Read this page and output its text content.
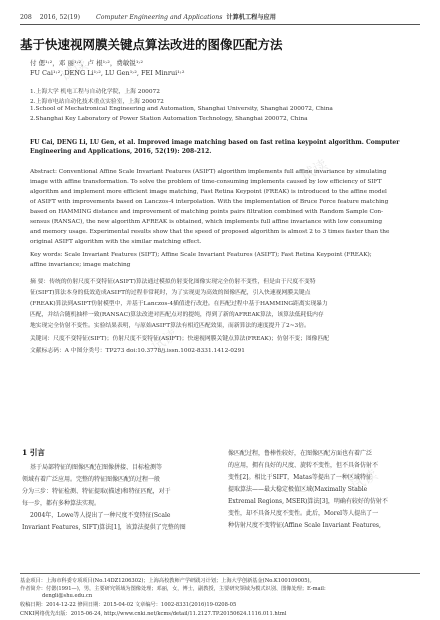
试读
试读
试读
试读
208 2016, 52(19)	Computer Engineering and Applications 计算机工程与应用
基于快速视网膜关键点算法改进的图像匹配方法
付 偲¹˒²，邓 丽¹˒²，卢 根¹˒²，费敏锐¹˒²
FU Cai¹˒², DENG Li¹˒², LU Gen¹˒², FEI Minrui¹˒²
1.上海大学 机电工程与自动化学院，上海 200072
2.上海市电站自动化技术重点实验室，上海 200072
1.School of Mechatronical Engineering and Automation, Shanghai University, Shanghai 200072, China
2.Shanghai Key Laboratory of Power Station Automation Technology, Shanghai 200072, China
FU Cai, DENG Li, LU Gen, et al. Improved image matching based on fast retina keypoint algorithm. Computer
Engineering and Applications, 2016, 52(19): 208-212.
Abstract: Conventional Affine Scale Invariant Features (ASIFT) algorithm implements full affine invariance by simulating
image with affine transformation. To solve the problem of time-consuming implements caused by low efficiency of SIFT
algorithm and implement more efficient image matching, Fast Retina Keypoint (FREAK) is introduced to the affine model
of ASIFT with improvements based on Lanczos-4 interpolation. With the implementation of Bruce Force feature matching
based on HAMMING distance and improvement of matching points pairs filtration combined with Random Sample Con-
sensus (RANSAC), the new algorithm AFREAK is obtained, which implements full affine invariance with low consuming
and memory usage. Experimental results show that the speed of proposed algorithm is almost 2 to 3 times faster than the
original ASIFT algorithm with the similar matching effect.
Key words: Scale Invariant Features (SIFT); Affine Scale Invariant Features (ASIFT); Fast Retina Keypoint (FREAK);
affine invariance; image matching
摘 要：传统的仿射尺度不变特征(ASIFT)算法通过模拟仿射变化图像实现完全仿射不变性，但是由于尺度不变特
征(SIFT)算法本身的低效造成ASIFT的过程非常耗时，为了实现更为高效的图像匹配，引入快速视网膜关键点
(FREAK)算法到ASIFT仿射模型中，并基于Lanczos-4插值进行改进。在匹配过程中基于HAMMING距离实现暴力
匹配，并结合随机抽样一致(RANSAC)算法改进对匹配点对的提纯，得到了新的AFREAK算法，该算法低耗低内存
地实现完全仿射不变性。实验结果表明，与原始ASIFT算法有相近匹配效果，而新算法的速度提升了2~3倍。
关键词：尺度不变特征(SIFT)；仿射尺度不变特征(ASIFT)；快速视网膜关键点算法(FREAK)；仿射不变；图像匹配
文献标志码：A 中图分类号：TP273 doi:10.3778/j.issn.1002-8331.1412-0291
1 引言
基于局部特征的图像匹配在图像拼接、目标检测等
领域有着广泛应用。完整的特征图像匹配的过程一般
分为三步：特征检测、特征提取(描述)和特征匹配，对于
每一步，都有多种算法实现。
2004年，Lowe等人提出了一种尺度不变特征(Scale
Invariant Features, SIFT)算法[1]，该算法提供了完整的图
像匹配过程，鲁棒性较好，在图像匹配方面也有着广泛
的应用，拥有良好的尺度、旋转不变性，但不具备仿射不
变性[2]。相比于SIFT，Matas等提出了一种区域特征
提取算法——最大稳定极值区域(Maximally Stable
Extremal Regions, MSER)算法[3]，明确有较好的仿射不
变性，却不具备尺度不变性。此后，Morel等人提出了一
种仿射尺度不变特征(Affine Scale Invariant Features,
基金项目：上海市科委专项项目(No.14DZ1206302)；上海高校教师产学研践习计划；上海大学创新基金(No.K100109005)。
作者简介：付偲(1991—)，男，主要研究领域为图像处理；邓丽，女，博士，副教授，主要研究领域为模式识别、图像处理；E-mail:
dengli@shu.edu.cn
收稿日期：2014-12-22 修回日期：2015-04-02 文章编号：1002-8331(2016)19-0208-05
CNKI网络优先出版：2015-06-24, http://www.cnki.net/kcms/detail/11.2127.TP.20150624.1116.011.html
